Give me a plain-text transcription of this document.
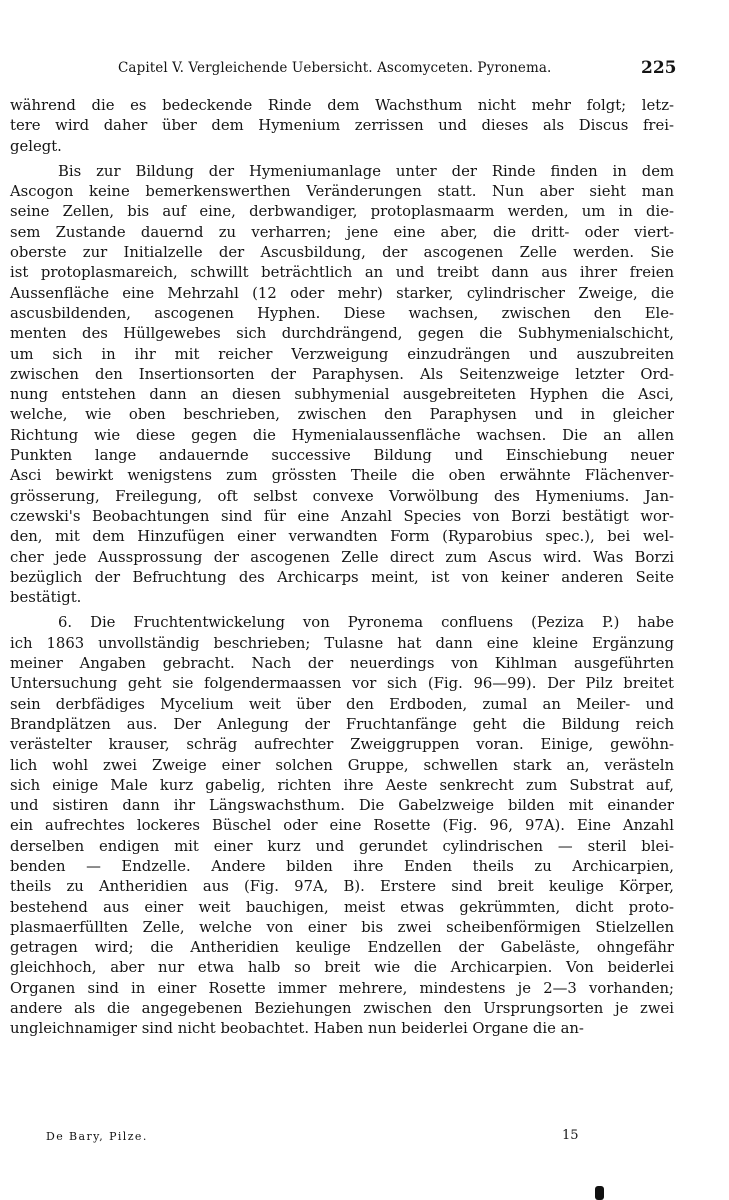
Capitel V. Vergleichende Uebersicht. Ascomyceten. Pyronema.	225
während die es bedeckende Rinde dem Wachsthum nicht mehr folgt; letz-
tere wird daher über dem Hymenium zerrissen und dieses als Discus frei-
gelegt.
Bis zur Bildung der Hymeniumanlage unter der Rinde finden in dem
Ascogon keine bemerkenswerthen Veränderungen statt. Nun aber sieht man
seine Zellen, bis auf eine, derbwandiger, protoplasmaarm werden, um in die-
sem Zustande dauernd zu verharren; jene eine aber, die dritt- oder viert-
oberste zur Initialzelle der Ascusbildung, der ascogenen Zelle werden. Sie
ist protoplasmareich, schwillt beträchtlich an und treibt dann aus ihrer freien
Aussenfläche eine Mehrzahl (12 oder mehr) starker, cylindrischer Zweige, die
ascusbildenden, ascogenen Hyphen. Diese wachsen, zwischen den Ele-
menten des Hüllgewebes sich durchdrängend, gegen die Subhymenialschicht,
um sich in ihr mit reicher Verzweigung einzudrängen und auszubreiten
zwischen den Insertionsorten der Paraphysen. Als Seitenzweige letzter Ord-
nung entstehen dann an diesen subhymenial ausgebreiteten Hyphen die Asci,
welche, wie oben beschrieben, zwischen den Paraphysen und in gleicher
Richtung wie diese gegen die Hymenialaussenfläche wachsen. Die an allen
Punkten lange andauernde successive Bildung und Einschiebung neuer
Asci bewirkt wenigstens zum grössten Theile die oben erwähnte Flächenver-
grösserung, Freilegung, oft selbst convexe Vorwölbung des Hymeniums. Jan-
czewski's Beobachtungen sind für eine Anzahl Species von Borzi bestätigt wor-
den, mit dem Hinzufügen einer verwandten Form (Ryparobius spec.), bei wel-
cher jede Aussprossung der ascogenen Zelle direct zum Ascus wird. Was Borzi
bezüglich der Befruchtung des Archicarps meint, ist von keiner anderen Seite
bestätigt.
6. Die Fruchtentwickelung von Pyronema confluens (Peziza P.) habe
ich 1863 unvollständig beschrieben; Tulasne hat dann eine kleine Ergänzung
meiner Angaben gebracht. Nach der neuerdings von Kihlman ausgeführten
Untersuchung geht sie folgendermaassen vor sich (Fig. 96—99). Der Pilz breitet
sein derbfädiges Mycelium weit über den Erdboden, zumal an Meiler- und
Brandplätzen aus. Der Anlegung der Fruchtanfänge geht die Bildung reich
verästelter krauser, schräg aufrechter Zweiggruppen voran. Einige, gewöhn-
lich wohl zwei Zweige einer solchen Gruppe, schwellen stark an, verästeln
sich einige Male kurz gabelig, richten ihre Aeste senkrecht zum Substrat auf,
und sistiren dann ihr Längswachsthum. Die Gabelzweige bilden mit einander
ein aufrechtes lockeres Büschel oder eine Rosette (Fig. 96, 97A). Eine Anzahl
derselben endigen mit einer kurz und gerundet cylindrischen — steril blei-
benden — Endzelle. Andere bilden ihre Enden theils zu Archicarpien,
theils zu Antheridien aus (Fig. 97A, B). Erstere sind breit keulige Körper,
bestehend aus einer weit bauchigen, meist etwas gekrümmten, dicht proto-
plasmaerfüllten Zelle, welche von einer bis zwei scheibenförmigen Stielzellen
getragen wird; die Antheridien keulige Endzellen der Gabeläste, ohngefähr
gleichhoch, aber nur etwa halb so breit wie die Archicarpien. Von beiderlei
Organen sind in einer Rosette immer mehrere, mindestens je 2—3 vorhanden;
andere als die angegebenen Beziehungen zwischen den Ursprungsorten je zwei
ungleichnamiger sind nicht beobachtet. Haben nun beiderlei Organe die an-
De Bary, Pilze.	15
